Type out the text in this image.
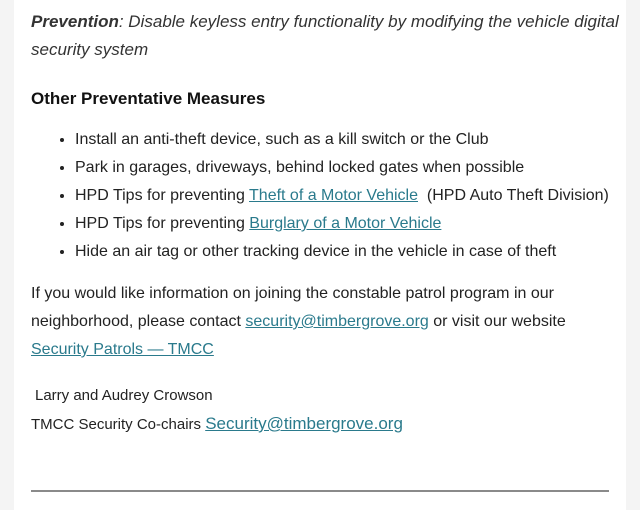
Prevention: Disable keyless entry functionality by modifying the vehicle digital security system

Other Preventative Measures
• Install an anti-theft device, such as a kill switch or the Club
• Park in garages, driveways, behind locked gates when possible
• HPD Tips for preventing Theft of a Motor Vehicle  (HPD Auto Theft Division)
• HPD Tips for preventing Burglary of a Motor Vehicle
• Hide an air tag or other tracking device in the vehicle in case of theft

If you would like information on joining the constable patrol program in our neighborhood, please contact security@timbergrove.org or visit our website Security Patrols — TMCC

Larry and Audrey Crowson
TMCC Security Co-chairs Security@timbergrove.org
